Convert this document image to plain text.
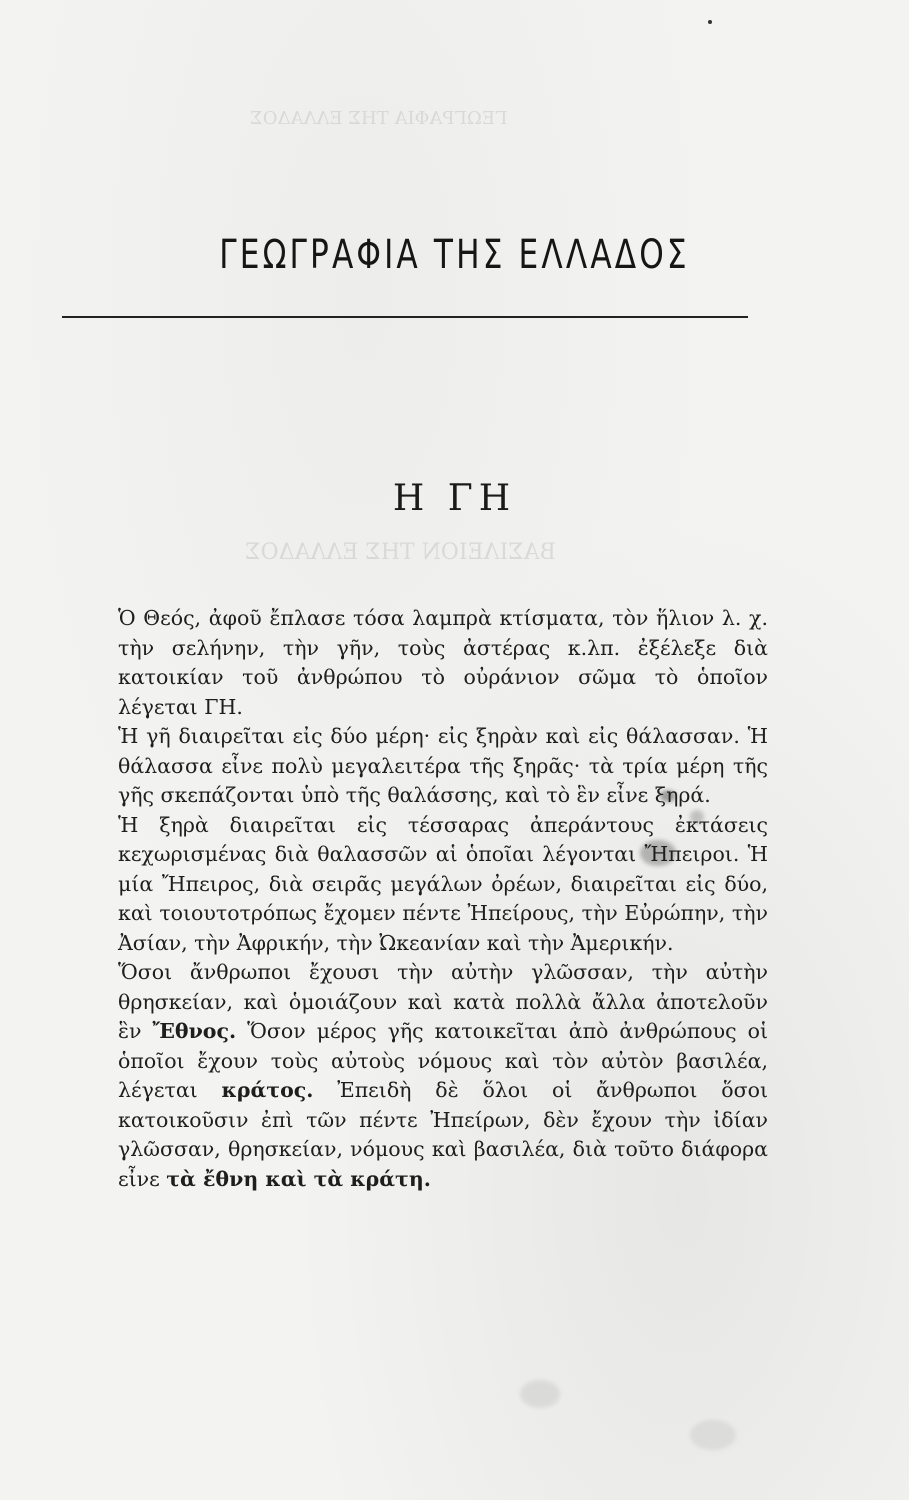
ΓΕΩΓΡΑΦΙΑ ΤΗΣ ΕΛΛΑΔΟΣ
ΒΑΣΙΛΕΙΟΝ ΤΗΣ ΕΛΛΑΔΟΣ
ΓΕΩΓΡΑΦΙΑ ΤΗΣ ΕΛΛΑΔΟΣ
Η ΓΗ

Ὁ Θεός, ἀφοῦ ἔπλασε τόσα λαμπρὰ κτίσματα, τὸν ἥλιον λ. χ. τὴν σελήνην, τὴν γῆν, τοὺς ἀστέρας κ.λπ. ἐξέλεξε διὰ κατοικίαν τοῦ ἀνθρώπου τὸ οὐράνιον σῶμα τὸ ὁποῖον λέγεται ΓΗ.

Ἡ γῆ διαιρεῖται εἰς δύο μέρη· εἰς ξηρὰν καὶ εἰς θάλασσαν. Ἡ θάλασσα εἶνε πολὺ μεγαλειτέρα τῆς ξηρᾶς· τὰ τρία μέρη τῆς γῆς σκεπάζονται ὑπὸ τῆς θαλάσσης, καὶ τὸ ἓν εἶνε ξηρά.

Ἡ ξηρὰ διαιρεῖται εἰς τέσσαρας ἀπεράντους ἐκτάσεις κεχωρισμένας διὰ θαλασσῶν αἱ ὁποῖαι λέγονται Ἤπειροι. Ἡ μία Ἤπειρος, διὰ σειρᾶς μεγάλων ὀρέων, διαιρεῖται εἰς δύο, καὶ τοιουτοτρόπως ἔχομεν πέντε Ἠπείρους, τὴν Εὐρώπην, τὴν Ἀσίαν, τὴν Ἀφρικήν, τὴν Ὠκεανίαν καὶ τὴν Ἀμερικήν.

Ὅσοι ἄνθρωποι ἔχουσι τὴν αὐτὴν γλῶσσαν, τὴν αὐτὴν θρησκείαν, καὶ ὁμοιάζουν καὶ κατὰ πολλὰ ἄλλα ἀποτελοῦν ἓν Ἔθνος. Ὅσον μέρος γῆς κατοικεῖται ἀπὸ ἀνθρώπους οἱ ὁποῖοι ἔχουν τοὺς αὐτοὺς νόμους καὶ τὸν αὐτὸν βασιλέα, λέγεται κράτος. Ἐπειδὴ δὲ ὅλοι οἱ ἄνθρωποι ὅσοι κατοικοῦσιν ἐπὶ τῶν πέντε Ἠπείρων, δὲν ἔχουν τὴν ἰδίαν γλῶσσαν, θρησκείαν, νόμους καὶ βασιλέα, διὰ τοῦτο διάφορα εἶνε τὰ ἔθνη καὶ τὰ κράτη.
